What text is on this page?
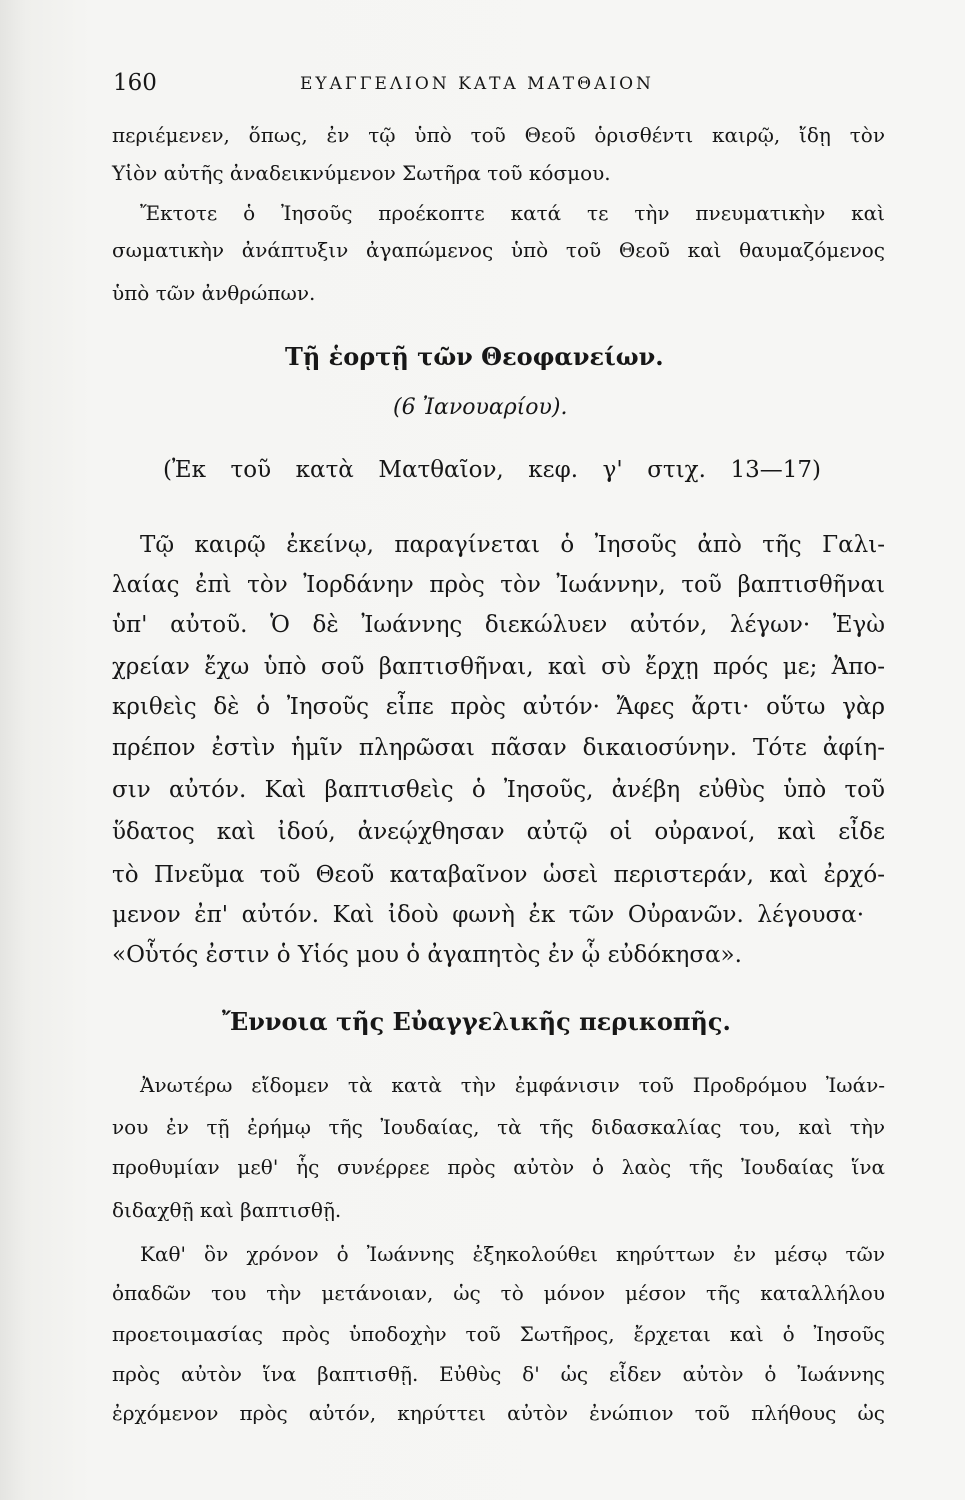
160	ΕΥΑΓΓΕΛΙΟΝ ΚΑΤΑ ΜΑΤΘΑΙΟΝ
περιέμενεν, ὅπως, ἐν τῷ ὑπὸ τοῦ Θεοῦ ὁρισθέντι καιρῷ, ἴδῃ τὸν
Υἱὸν αὐτῆς ἀναδεικνύμενον Σωτῆρα τοῦ κόσμου.
Ἔκτοτε ὁ Ἰησοῦς προέκοπτε κατά τε τὴν πνευματικὴν καὶ
σωματικὴν ἀνάπτυξιν ἀγαπώμενος ὑπὸ τοῦ Θεοῦ καὶ θαυμαζόμενος
ὑπὸ τῶν ἀνθρώπων.
Τῇ ἑορτῇ τῶν Θεοφανείων.
(6 Ἰανουαρίου).
(Ἐκ τοῦ κατὰ Ματθαῖον, κεφ. γ' στιχ. 13—17)
Τῷ καιρῷ ἐκείνῳ, παραγίνεται ὁ Ἰησοῦς ἀπὸ τῆς Γαλι-
λαίας ἐπὶ τὸν Ἰορδάνην πρὸς τὸν Ἰωάννην, τοῦ βαπτισθῆναι
ὑπ' αὐτοῦ. Ὁ δὲ Ἰωάννης διεκώλυεν αὐτόν, λέγων· Ἐγὼ
χρείαν ἔχω ὑπὸ σοῦ βαπτισθῆναι, καὶ σὺ ἔρχῃ πρός με; Ἀπο-
κριθεὶς δὲ ὁ Ἰησοῦς εἶπε πρὸς αὐτόν· Ἄφες ἄρτι· οὕτω γὰρ
πρέπον ἐστὶν ἡμῖν πληρῶσαι πᾶσαν δικαιοσύνην. Τότε ἀφίη-
σιν αὐτόν. Καὶ βαπτισθεὶς ὁ Ἰησοῦς, ἀνέβη εὐθὺς ὑπὸ τοῦ
ὕδατος καὶ ἰδού, ἀνεῴχθησαν αὐτῷ οἱ οὐρανοί, καὶ εἶδε
τὸ Πνεῦμα τοῦ Θεοῦ καταβαῖνον ὡσεὶ περιστεράν, καὶ ἐρχό-
μενον ἐπ' αὐτόν. Καὶ ἰδοὺ φωνὴ ἐκ τῶν Οὐρανῶν. λέγουσα·
«Οὗτός ἐστιν ὁ Υἱός μου ὁ ἀγαπητὸς ἐν ᾧ εὐδόκησα».
Ἔννοια τῆς Εὐαγγελικῆς περικοπῆς.
Ἀνωτέρω εἴδομεν τὰ κατὰ τὴν ἐμφάνισιν τοῦ Προδρόμου Ἰωάν-
νου ἐν τῇ ἐρήμῳ τῆς Ἰουδαίας, τὰ τῆς διδασκαλίας του, καὶ τὴν
προθυμίαν μεθ' ἧς συνέρρεε πρὸς αὐτὸν ὁ λαὸς τῆς Ἰουδαίας ἵνα
διδαχθῇ καὶ βαπτισθῇ.
Καθ' ὃν χρόνον ὁ Ἰωάννης ἐξηκολούθει κηρύττων ἐν μέσῳ τῶν
ὀπαδῶν του τὴν μετάνοιαν, ὡς τὸ μόνον μέσον τῆς καταλλήλου
προετοιμασίας πρὸς ὑποδοχὴν τοῦ Σωτῆρος, ἔρχεται καὶ ὁ Ἰησοῦς
πρὸς αὐτὸν ἵνα βαπτισθῇ. Εὐθὺς δ' ὡς εἶδεν αὐτὸν ὁ Ἰωάννης
ἐρχόμενον πρὸς αὐτόν, κηρύττει αὐτὸν ἐνώπιον τοῦ πλήθους ὡς
